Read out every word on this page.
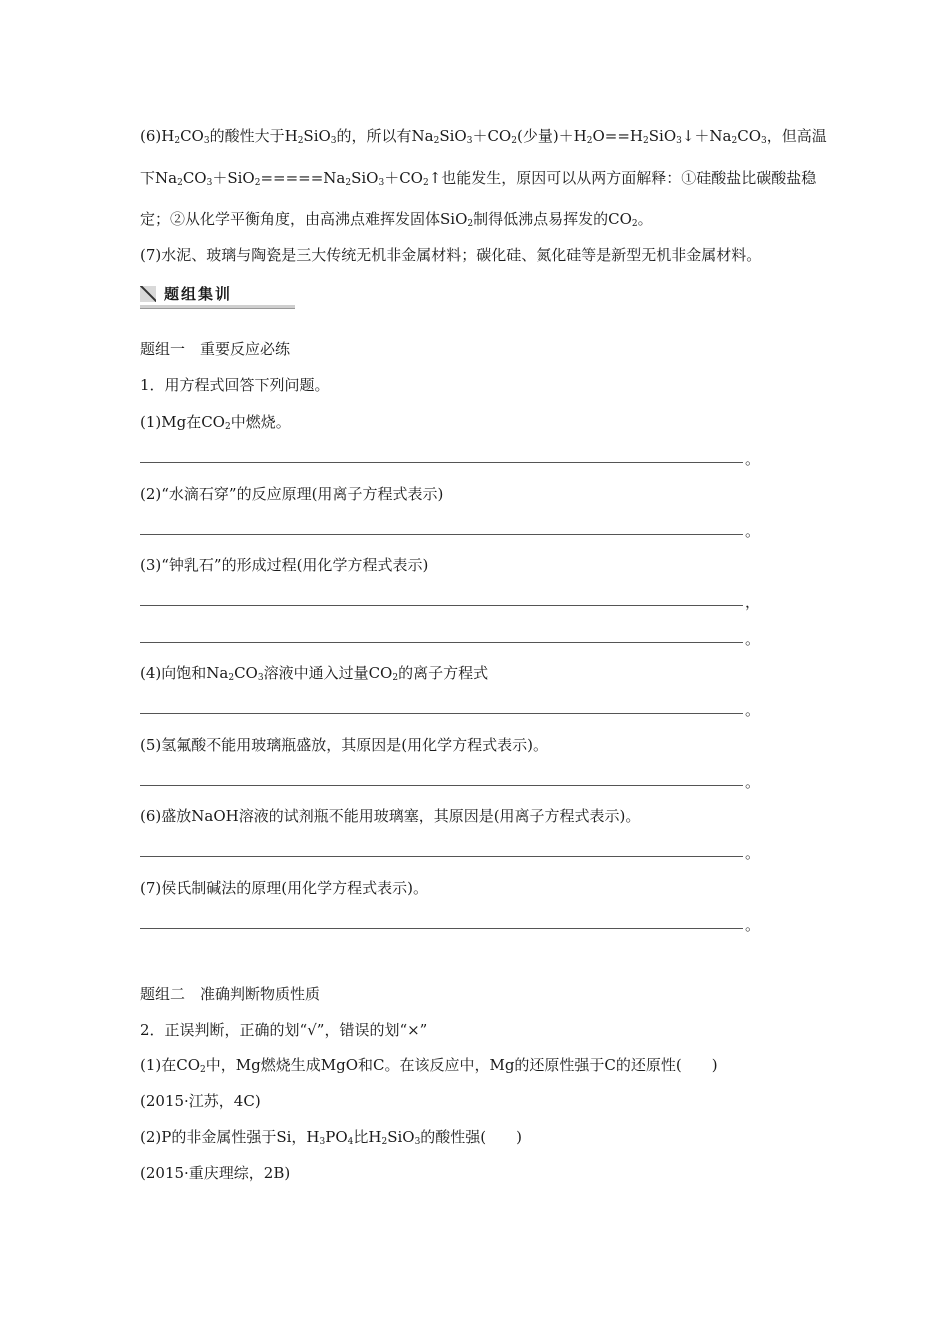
$(6)H_2CO_3$的酸性大于$H_2SiO_3$的，所以有$Na_2SiO_3+CO_2$(少量)$+H_2O==H_2SiO_3↓+Na_2CO_3$，但高温
下$Na_2CO_3+SiO_2=====Na_2SiO_3+CO_2↑$也能发生，原因可以从两方面解释：①硅酸盐比碳酸盐稳
定；②从化学平衡角度，由高沸点难挥发固体SiO$_2$制得低沸点易挥发的$CO_2$。
(7)水泥、玻璃与陶瓷是三大传统无机非金属材料；碳化硅、氮化硅等是新型无机非金属材料。
题组集训
题组一　重要反应必练
1．用方程式回答下列问题。
(1)Mg在$CO_2$中燃烧。
。
(2)“水滴石穿”的反应原理(用离子方程式表示)
。
(3)“钟乳石”的形成过程(用化学方程式表示)
，
。
(4)向饱和$Na_2CO_3$溶液中通入过量$CO_2$的离子方程式
。
(5)氢氟酸不能用玻璃瓶盛放，其原因是(用化学方程式表示)。
。
(6)盛放NaOH溶液的试剂瓶不能用玻璃塞，其原因是(用离子方程式表示)。
。
(7)侯氏制碱法的原理(用化学方程式表示)。
。
题组二　准确判断物质性质
2．正误判断，正确的划“√”，错误的划“×”
(1)在$CO_2$中，Mg燃烧生成MgO和C。在该反应中，Mg的还原性强于C的还原性(　　)
(2015·江苏，4C)
(2)P的非金属性强于Si，$H_3PO_4$比$H_2SiO_3$的酸性强(　　)
(2015·重庆理综，2B)
